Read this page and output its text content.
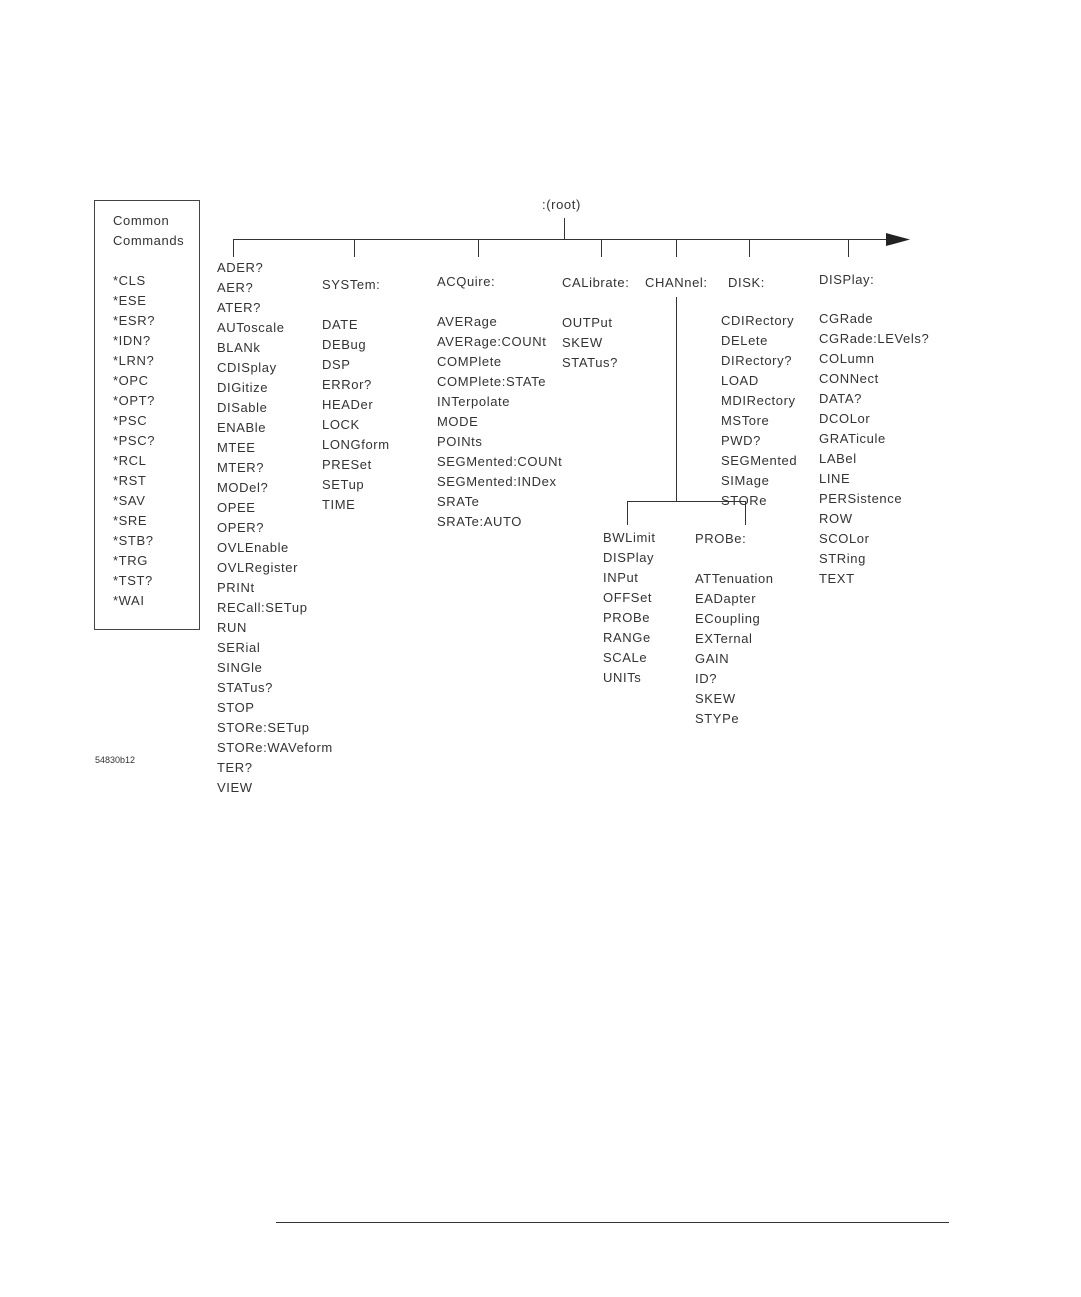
Common
Commands
*CLS
*ESE
*ESR?
*IDN?
*LRN?
*OPC
*OPT?
*PSC
*PSC?
*RCL
*RST
*SAV
*SRE
*STB?
*TRG
*TST?
*WAI
:(root)
ADER?
AER?
ATER?
AUToscale
BLANk
CDISplay
DIGitize
DISable
ENABle
MTEE
MTER?
MODel?
OPEE
OPER?
OVLEnable
OVLRegister
PRINt
RECall:SETup
RUN
SERial
SINGle
STATus?
STOP
STORe:SETup
STORe:WAVeform
TER?
VIEW
SYSTem:
DATE
DEBug
DSP
ERRor?
HEADer
LOCK
LONGform
PRESet
SETup
TIME
ACQuire:
AVERage
AVERage:COUNt
COMPlete
COMPlete:STATe
INTerpolate
MODE
POINts
SEGMented:COUNt
SEGMented:INDex
SRATe
SRATe:AUTO
CALibrate:
OUTPut
SKEW
STATus?
CHANnel:
BWLimit
DISPlay
INPut
OFFSet
PROBe
RANGe
SCALe
UNITs
PROBe:
ATTenuation
EADapter
ECoupling
EXTernal
GAIN
ID?
SKEW
STYPe
DISK:
CDIRectory
DELete
DIRectory?
LOAD
MDIRectory
MSTore
PWD?
SEGMented
SIMage
STORe
DISPlay:
CGRade
CGRade:LEVels?
COLumn
CONNect
DATA?
DCOLor
GRATicule
LABel
LINE
PERSistence
ROW
SCOLor
STRing
TEXT
54830b12
